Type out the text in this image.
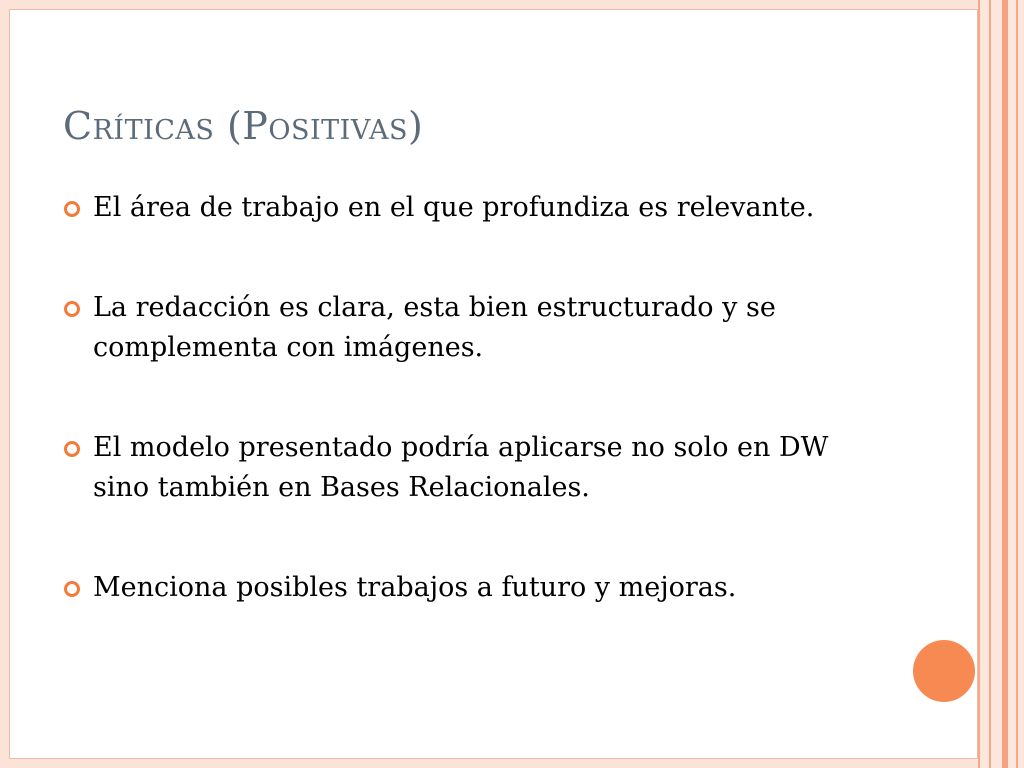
Críticas (Positivas)
El área de trabajo en el que profundiza es relevante.
La redacción es clara, esta bien estructurado y se complementa con imágenes.
El modelo presentado podría aplicarse no solo en DW sino también en Bases Relacionales.
Menciona posibles trabajos a futuro y mejoras.
